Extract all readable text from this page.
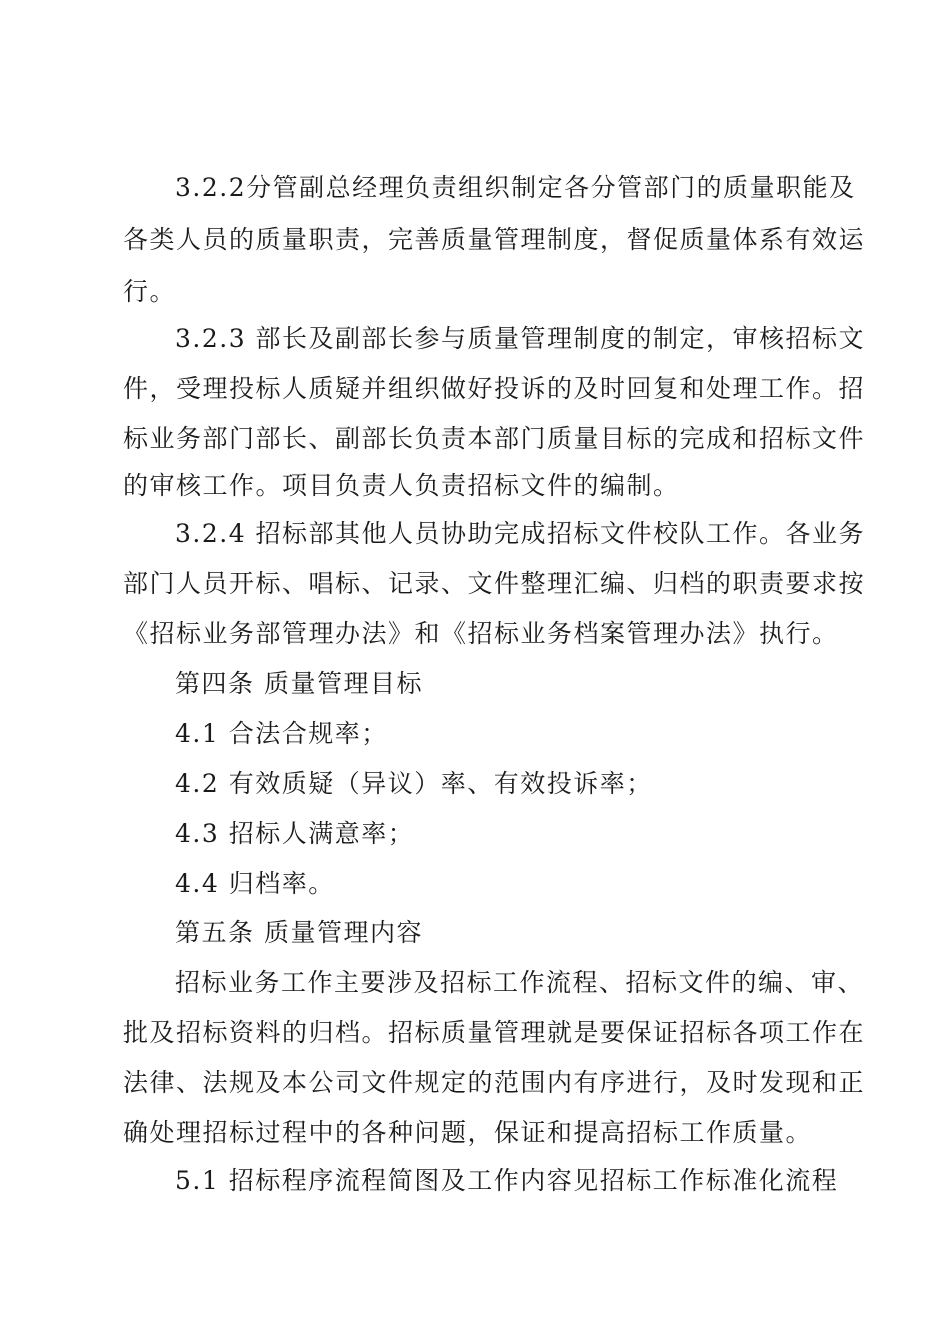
3.2.2分管副总经理负责组织制定各分管部门的质量职能及
各类人员的质量职责，完善质量管理制度，督促质量体系有效运
行。
3.2.3 部长及副部长参与质量管理制度的制定，审核招标文
件，受理投标人质疑并组织做好投诉的及时回复和处理工作。招
标业务部门部长、副部长负责本部门质量目标的完成和招标文件
的审核工作。项目负责人负责招标文件的编制。
3.2.4 招标部其他人员协助完成招标文件校队工作。各业务
部门人员开标、唱标、记录、文件整理汇编、归档的职责要求按
《招标业务部管理办法》和《招标业务档案管理办法》执行。
第四条 质量管理目标
4.1 合法合规率；
4.2 有效质疑（异议）率、有效投诉率；
4.3 招标人满意率；
4.4 归档率。
第五条 质量管理内容
招标业务工作主要涉及招标工作流程、招标文件的编、审、
批及招标资料的归档。招标质量管理就是要保证招标各项工作在
法律、法规及本公司文件规定的范围内有序进行，及时发现和正
确处理招标过程中的各种问题，保证和提高招标工作质量。
5.1 招标程序流程简图及工作内容见招标工作标准化流程
